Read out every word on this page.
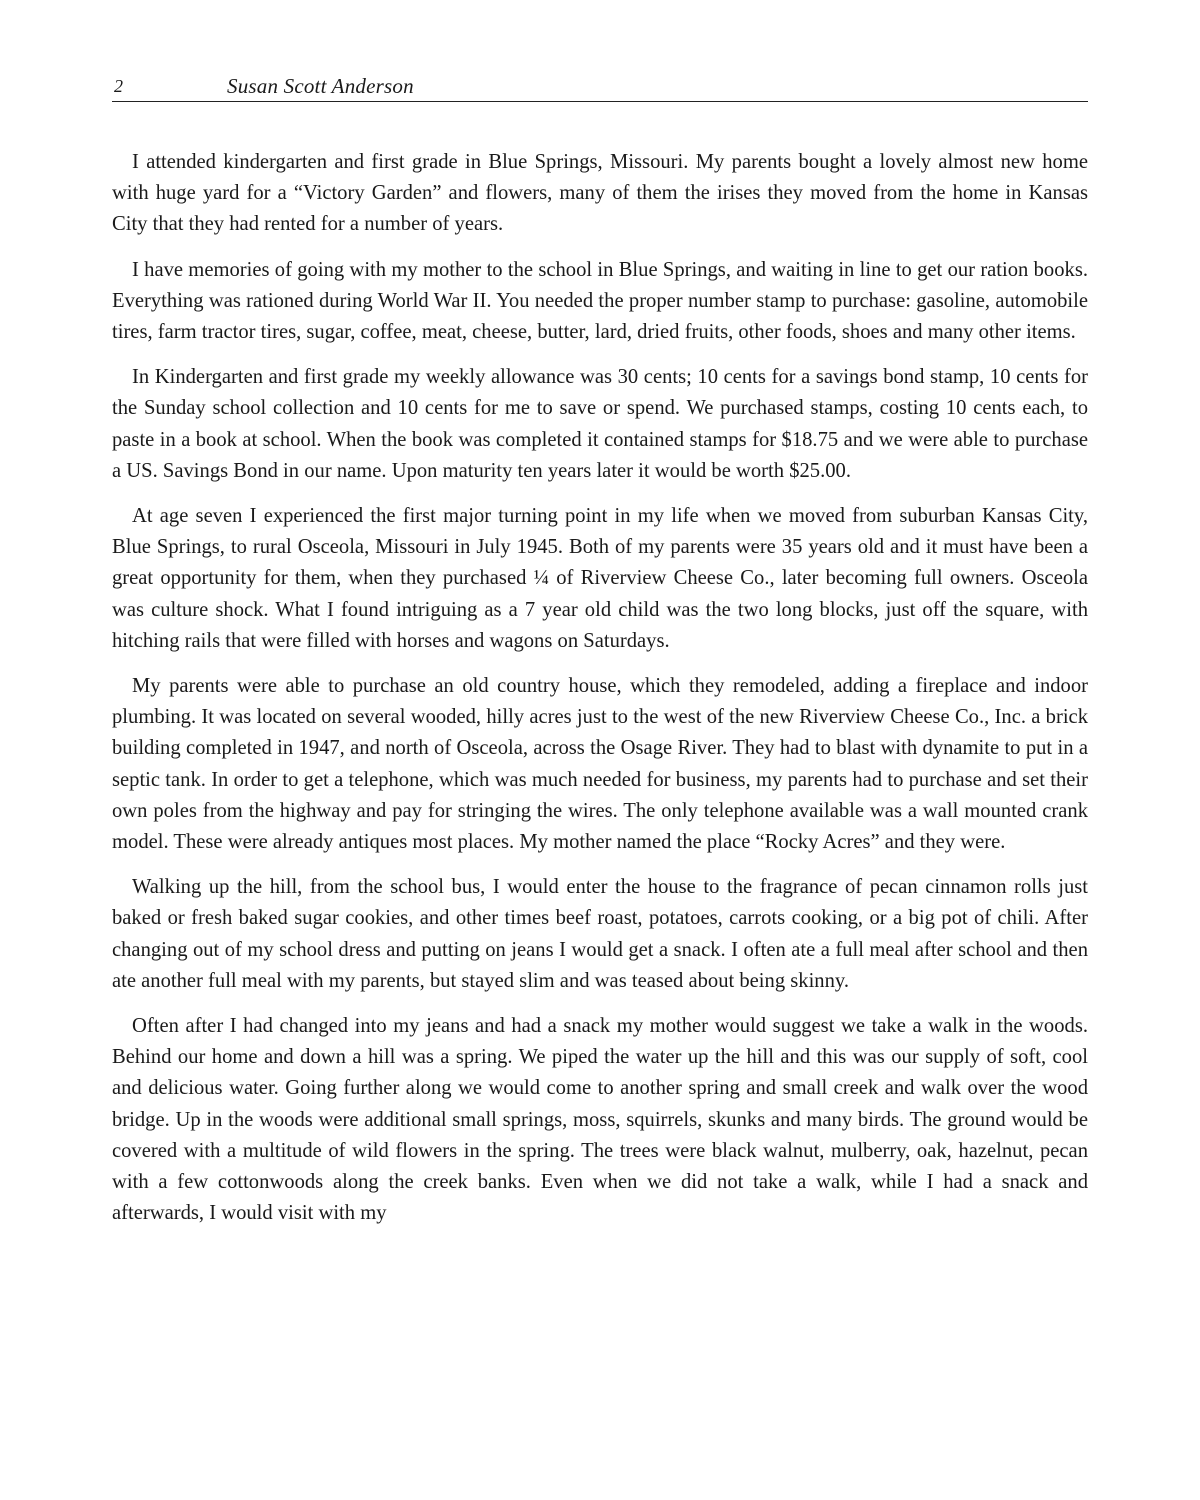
2	Susan Scott Anderson

I attended kindergarten and first grade in Blue Springs, Missouri. My parents bought a lovely almost new home with huge yard for a “Victory Garden” and flowers, many of them the irises they moved from the home in Kansas City that they had rented for a number of years.

I have memories of going with my mother to the school in Blue Springs, and waiting in line to get our ration books. Everything was rationed during World War II. You needed the proper number stamp to purchase: gasoline, automobile tires, farm tractor tires, sugar, coffee, meat, cheese, butter, lard, dried fruits, other foods, shoes and many other items.

In Kindergarten and first grade my weekly allowance was 30 cents; 10 cents for a savings bond stamp, 10 cents for the Sunday school collection and 10 cents for me to save or spend. We purchased stamps, costing 10 cents each, to paste in a book at school. When the book was completed it contained stamps for $18.75 and we were able to purchase a US. Savings Bond in our name. Upon maturity ten years later it would be worth $25.00.

At age seven I experienced the first major turning point in my life when we moved from suburban Kansas City, Blue Springs, to rural Osceola, Missouri in July 1945. Both of my parents were 35 years old and it must have been a great opportunity for them, when they purchased ¼ of Riverview Cheese Co., later becoming full owners. Osceola was culture shock. What I found intriguing as a 7 year old child was the two long blocks, just off the square, with hitching rails that were filled with horses and wagons on Saturdays.

My parents were able to purchase an old country house, which they remodeled, adding a fireplace and indoor plumbing. It was located on several wooded, hilly acres just to the west of the new Riverview Cheese Co., Inc. a brick building completed in 1947, and north of Osceola, across the Osage River. They had to blast with dynamite to put in a septic tank. In order to get a telephone, which was much needed for business, my parents had to purchase and set their own poles from the highway and pay for stringing the wires. The only telephone available was a wall mounted crank model. These were already antiques most places. My mother named the place “Rocky Acres” and they were.

Walking up the hill, from the school bus, I would enter the house to the fragrance of pecan cinnamon rolls just baked or fresh baked sugar cookies, and other times beef roast, potatoes, carrots cooking, or a big pot of chili. After changing out of my school dress and putting on jeans I would get a snack. I often ate a full meal after school and then ate another full meal with my parents, but stayed slim and was teased about being skinny.

Often after I had changed into my jeans and had a snack my mother would suggest we take a walk in the woods. Behind our home and down a hill was a spring. We piped the water up the hill and this was our supply of soft, cool and delicious water. Going further along we would come to another spring and small creek and walk over the wood bridge. Up in the woods were additional small springs, moss, squirrels, skunks and many birds. The ground would be covered with a multitude of wild flowers in the spring. The trees were black walnut, mulberry, oak, hazelnut, pecan with a few cottonwoods along the creek banks. Even when we did not take a walk, while I had a snack and afterwards, I would visit with my
